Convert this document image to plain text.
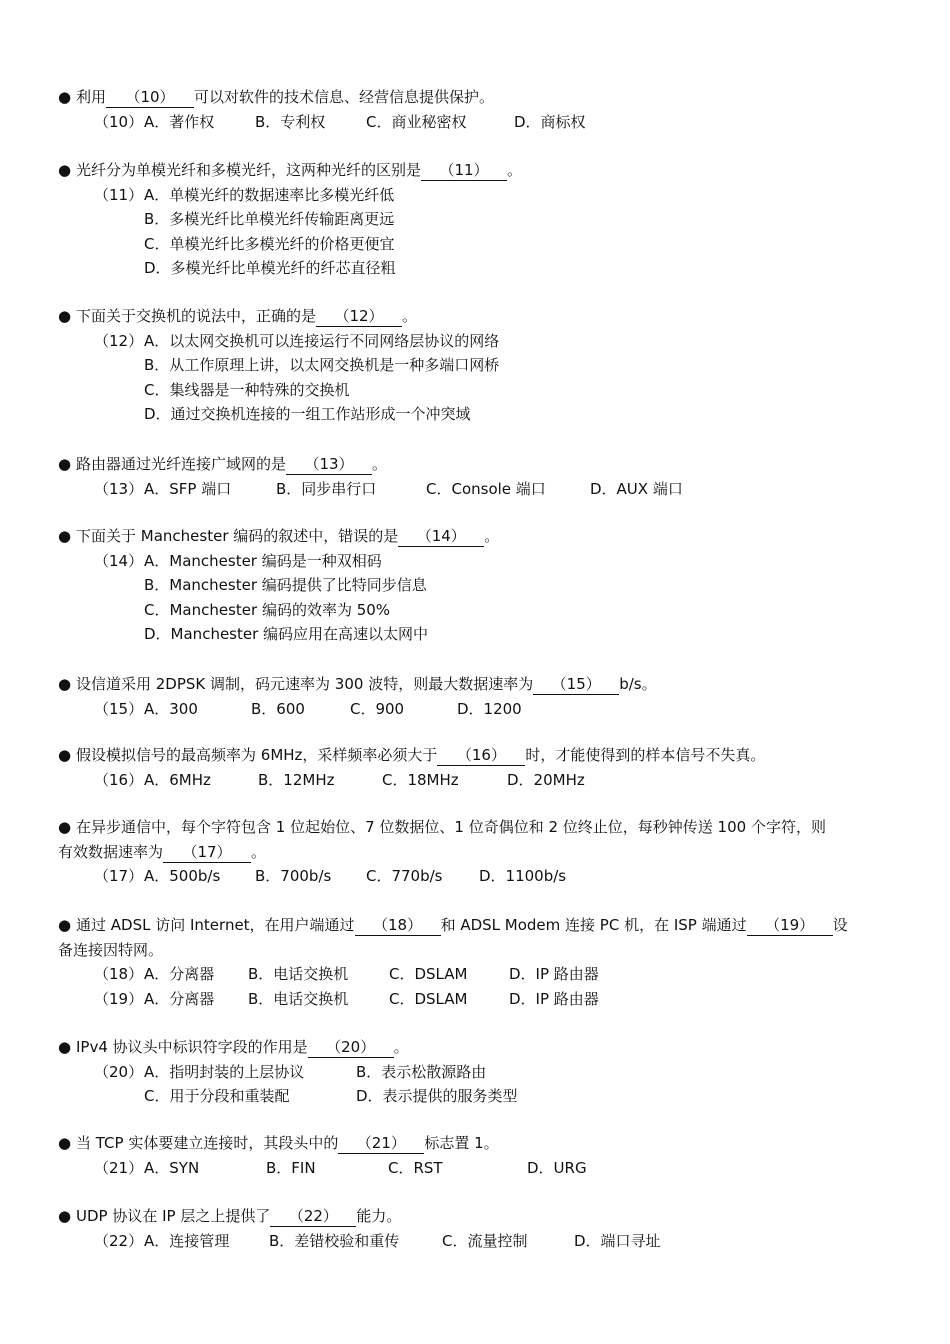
● 利用 （10） 可以对软件的技术信息、经营信息提供保护。
（10） A．著作权	B．专利权	C．商业秘密权	D．商标权
● 光纤分为单模光纤和多模光纤，这两种光纤的区别是 （11） 。
（11） A．单模光纤的数据速率比多模光纤低
B．多模光纤比单模光纤传输距离更远
C．单模光纤比多模光纤的价格更便宜
D．多模光纤比单模光纤的纤芯直径粗
● 下面关于交换机的说法中，正确的是 （12） 。
（12） A．以太网交换机可以连接运行不同网络层协议的网络
B．从工作原理上讲，以太网交换机是一种多端口网桥
C．集线器是一种特殊的交换机
D．通过交换机连接的一组工作站形成一个冲突域
● 路由器通过光纤连接广域网的是 （13） 。
（13） A．SFP 端口	B．同步串行口	C．Console 端口	D．AUX 端口
● 下面关于 Manchester 编码的叙述中，错误的是 （14） 。
（14） A．Manchester 编码是一种双相码
B．Manchester 编码提供了比特同步信息
C．Manchester 编码的效率为 50%
D．Manchester 编码应用在高速以太网中
● 设信道采用 2DPSK 调制，码元速率为 300 波特，则最大数据速率为 （15） b/s。
（15） A．300	B．600	C．900	D．1200
● 假设模拟信号的最高频率为 6MHz，采样频率必须大于 （16） 时，才能使得到的样本信号不失真。
（16） A．6MHz	B．12MHz	C．18MHz	D．20MHz
● 在异步通信中，每个字符包含 1 位起始位、7 位数据位、1 位奇偶位和 2 位终止位，每秒钟传送 100 个字符，则
有效数据速率为 （17） 。
（17） A．500b/s B．700b/s C．770b/s D．1100b/s
● 通过 ADSL 访问 Internet，在用户端通过 （18） 和 ADSL Modem 连接 PC 机，在 ISP 端通过 （19） 设
备连接因特网。
（18） A．分离器 B．电话交换机	C．DSLAM	D．IP 路由器
（19） A．分离器 B．电话交换机	C．DSLAM	D．IP 路由器
● IPv4 协议头中标识符字段的作用是 （20） 。
（20） A．指明封装的上层协议	B．表示松散源路由
C．用于分段和重装配	D．表示提供的服务类型
● 当 TCP 实体要建立连接时，其段头中的 （21） 标志置 1。
（21） A．SYN	B．FIN	C．RST	D．URG
● UDP 协议在 IP 层之上提供了 （22） 能力。
（22） A．连接管理	B．差错校验和重传	C．流量控制	D．端口寻址
